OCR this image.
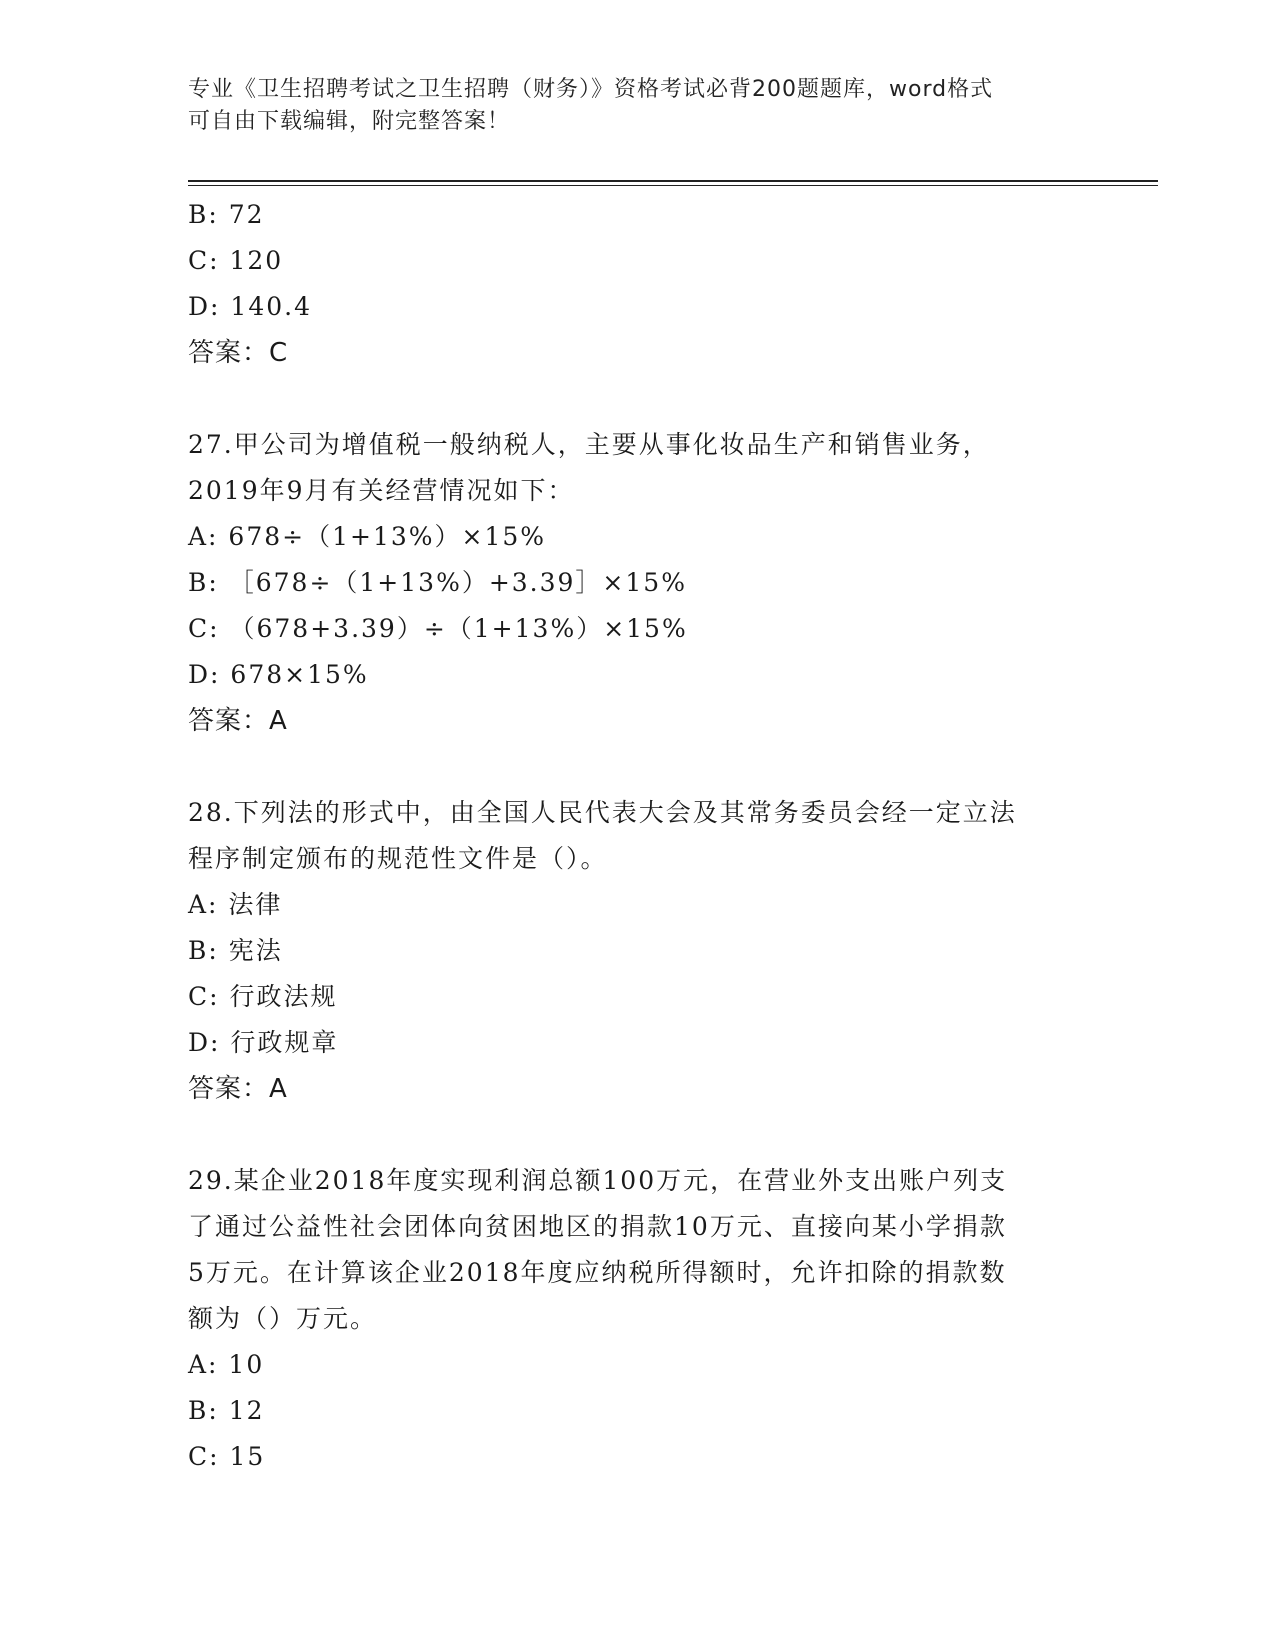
专业《卫生招聘考试之卫生招聘（财务）》资格考试必背200题题库，word格式
可自由下载编辑，附完整答案！
B: 72
C: 120
D: 140.4
答案：C
27.甲公司为增值税一般纳税人，主要从事化妆品生产和销售业务，
2019年9月有关经营情况如下：
A: 678÷（1+13%）×15%
B: ［678÷（1+13%）+3.39］×15%
C: （678+3.39）÷（1+13%）×15%
D: 678×15%
答案：A
28.下列法的形式中，由全国人民代表大会及其常务委员会经一定立法
程序制定颁布的规范性文件是（）。
A: 法律
B: 宪法
C: 行政法规
D: 行政规章
答案：A
29.某企业2018年度实现利润总额100万元，在营业外支出账户列支
了通过公益性社会团体向贫困地区的捐款10万元、直接向某小学捐款
5万元。在计算该企业2018年度应纳税所得额时，允许扣除的捐款数
额为（）万元。
A: 10
B: 12
C: 15
